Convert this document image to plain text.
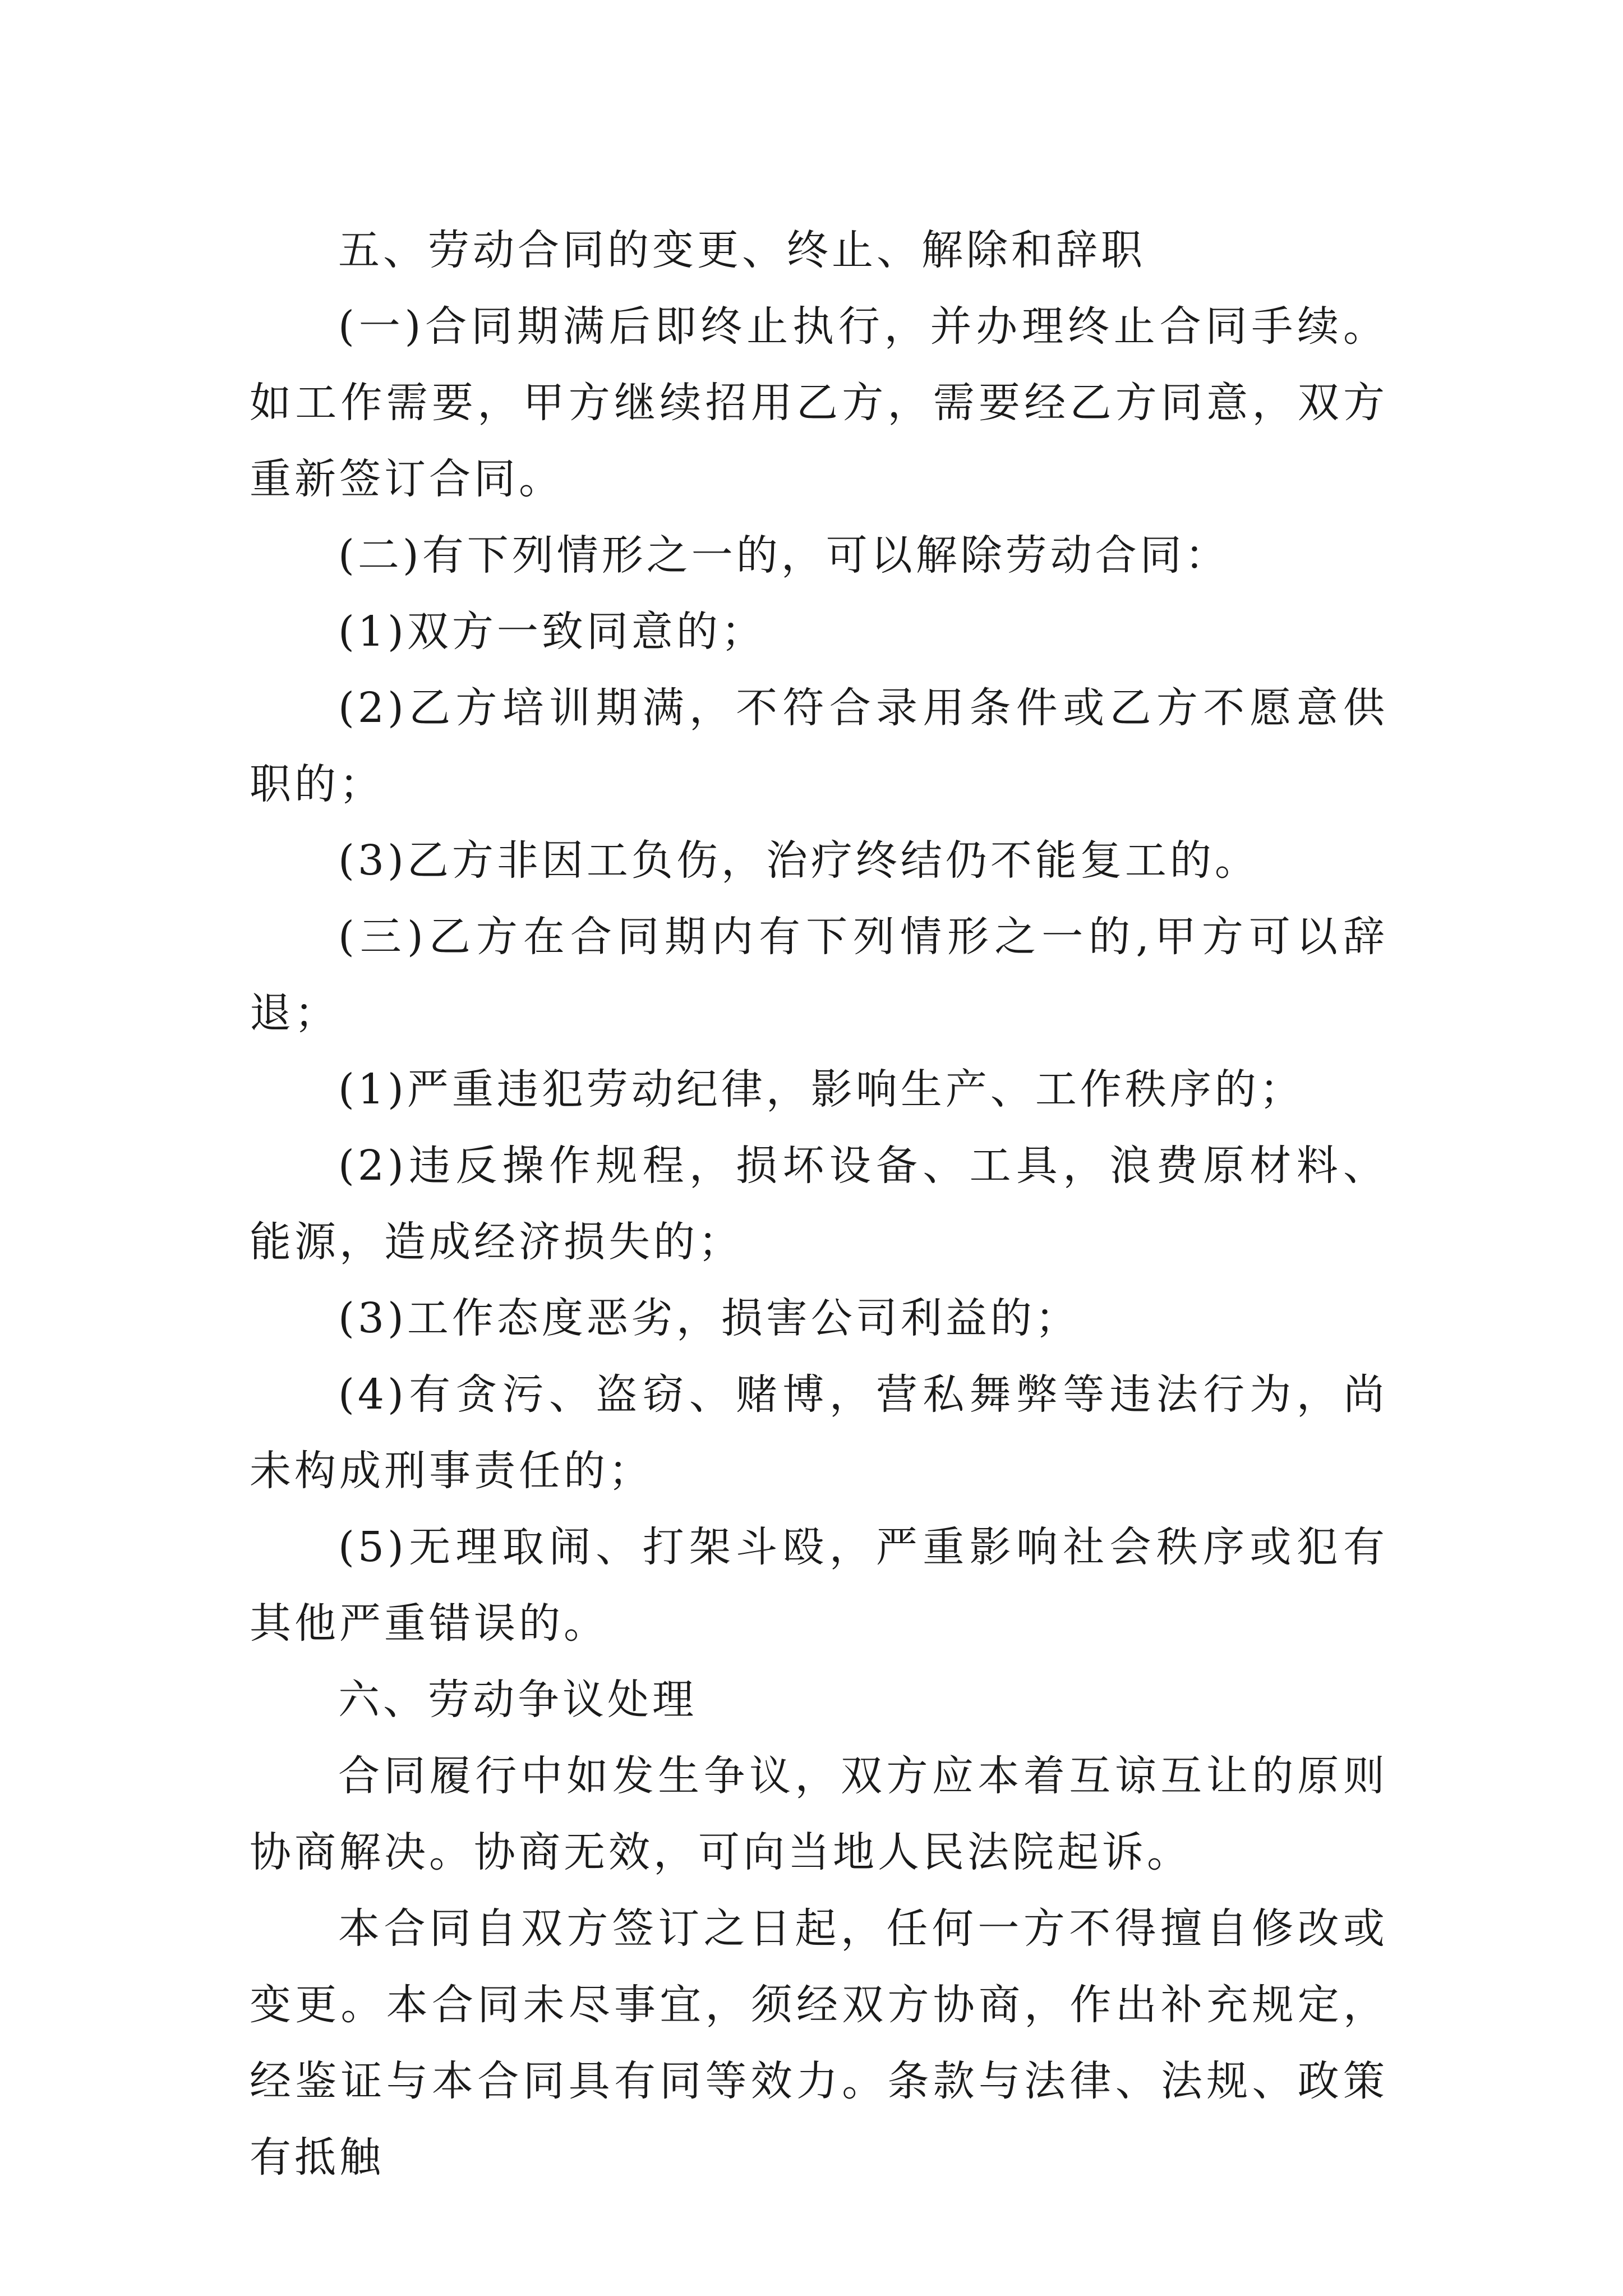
五、劳动合同的变更、终止、解除和辞职

(一)合同期满后即终止执行，并办理终止合同手续。如工作需要，甲方继续招用乙方，需要经乙方同意，双方重新签订合同。

(二)有下列情形之一的，可以解除劳动合同：

(1)双方一致同意的；

(2)乙方培训期满，不符合录用条件或乙方不愿意供职的；

(3)乙方非因工负伤，治疗终结仍不能复工的。

(三)乙方在合同期内有下列情形之一的,甲方可以辞退；

(1)严重违犯劳动纪律，影响生产、工作秩序的；

(2)违反操作规程，损坏设备、工具，浪费原材料、能源，造成经济损失的；

(3)工作态度恶劣，损害公司利益的；

(4)有贪污、盗窃、赌博，营私舞弊等违法行为，尚未构成刑事责任的；

(5)无理取闹、打架斗殴，严重影响社会秩序或犯有其他严重错误的。

六、劳动争议处理

合同履行中如发生争议，双方应本着互谅互让的原则协商解决。协商无效，可向当地人民法院起诉。

本合同自双方签订之日起，任何一方不得擅自修改或变更。本合同未尽事宜，须经双方协商，作出补充规定，经鉴证与本合同具有同等效力。条款与法律、法规、政策有抵触
